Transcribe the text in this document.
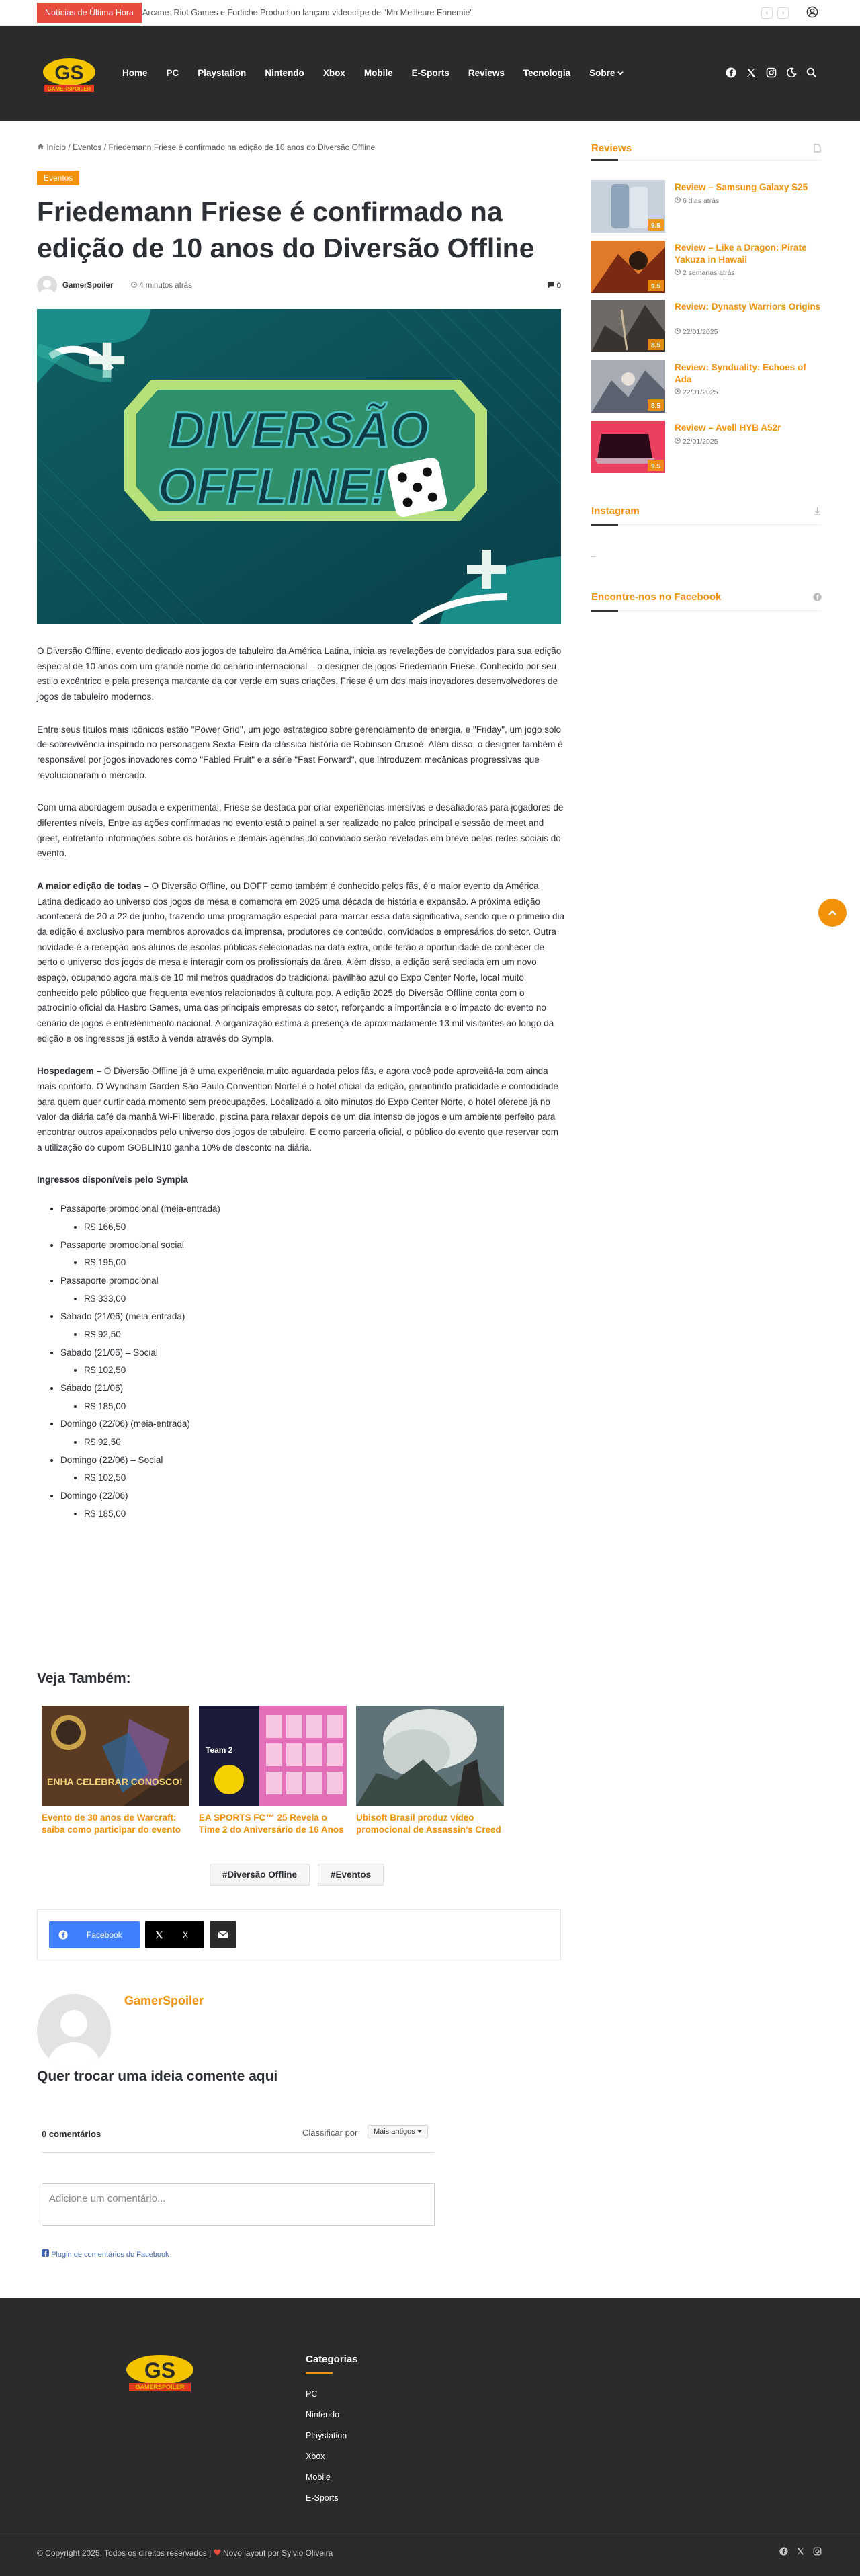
Notícias de Última Hora	Arcane: Riot Games e Fortiche Production lançam videoclipe de "Ma Meilleure Ennemie"	‹	›
GS
GAMERSPOILER
Home	PC	Playstation	Nintendo	Xbox	Mobile	E-Sports	Reviews	Tecnologia	Sobre
Início / Eventos / Friedemann Friese é confirmado na edição de 10 anos do Diversão Offline
Eventos
Friedemann Friese é confirmado na edição de 10 anos do Diversão Offline
GamerSpoiler	4 minutos atrás	0
DIVERSÃO
OFFLINE!

O Diversão Offline, evento dedicado aos jogos de tabuleiro da América Latina, inicia as revelações de convidados para sua edição especial de 10 anos com um grande nome do cenário internacional – o designer de jogos Friedemann Friese. Conhecido por seu estilo excêntrico e pela presença marcante da cor verde em suas criações, Friese é um dos mais inovadores desenvolvedores de jogos de tabuleiro modernos.

Entre seus títulos mais icônicos estão "Power Grid", um jogo estratégico sobre gerenciamento de energia, e "Friday", um jogo solo de sobrevivência inspirado no personagem Sexta-Feira da clássica história de Robinson Crusoé. Além disso, o designer também é responsável por jogos inovadores como "Fabled Fruit" e a série "Fast Forward", que introduzem mecânicas progressivas que revolucionaram o mercado.

Com uma abordagem ousada e experimental, Friese se destaca por criar experiências imersivas e desafiadoras para jogadores de diferentes níveis. Entre as ações confirmadas no evento está o painel a ser realizado no palco principal e sessão de meet and greet, entretanto informações sobre os horários e demais agendas do convidado serão reveladas em breve pelas redes sociais do evento.

A maior edição de todas – O Diversão Offline, ou DOFF como também é conhecido pelos fãs, é o maior evento da América Latina dedicado ao universo dos jogos de mesa e comemora em 2025 uma década de história e expansão. A próxima edição acontecerá de 20 a 22 de junho, trazendo uma programação especial para marcar essa data significativa, sendo que o primeiro dia da edição é exclusivo para membros aprovados da imprensa, produtores de conteúdo, convidados e empresários do setor. Outra novidade é a recepção aos alunos de escolas públicas selecionadas na data extra, onde terão a oportunidade de conhecer de perto o universo dos jogos de mesa e interagir com os profissionais da área. Além disso, a edição será sediada em um novo espaço, ocupando agora mais de 10 mil metros quadrados do tradicional pavilhão azul do Expo Center Norte, local muito conhecido pelo público que frequenta eventos relacionados à cultura pop. A edição 2025 do Diversão Offline conta com o patrocínio oficial da Hasbro Games, uma das principais empresas do setor, reforçando a importância e o impacto do evento no cenário de jogos e entretenimento nacional. A organização estima a presença de aproximadamente 13 mil visitantes ao longo da edição e os ingressos já estão à venda através do Sympla.

Hospedagem – O Diversão Offline já é uma experiência muito aguardada pelos fãs, e agora você pode aproveitá-la com ainda mais conforto. O Wyndham Garden São Paulo Convention Nortel é o hotel oficial da edição, garantindo praticidade e comodidade para quem quer curtir cada momento sem preocupações. Localizado a oito minutos do Expo Center Norte, o hotel oferece já no valor da diária café da manhã Wi-Fi liberado, piscina para relaxar depois de um dia intenso de jogos e um ambiente perfeito para encontrar outros apaixonados pelo universo dos jogos de tabuleiro. E como parceria oficial, o público do evento que reservar com a utilização do cupom GOBLIN10 ganha 10% de desconto na diária.

Ingressos disponíveis pelo Sympla
• Passaporte promocional (meia-entrada)
• R$ 166,50
• Passaporte promocional social
• R$ 195,00
• Passaporte promocional
• R$ 333,00
• Sábado (21/06) (meia-entrada)
• R$ 92,50
• Sábado (21/06) – Social
• R$ 102,50
• Sábado (21/06)
• R$ 185,00
• Domingo (22/06) (meia-entrada)
• R$ 92,50
• Domingo (22/06) – Social
• R$ 102,50
• Domingo (22/06)
• R$ 185,00
Veja Também:
ENHA CELEBRAR CONOSCO!
Evento de 30 anos de Warcraft: saiba como participar do evento
Team 2
EA SPORTS FC™ 25 Revela o Time 2 do Aniversário de 16 Anos
Ubisoft Brasil produz vídeo promocional de Assassin's Creed
#Diversão Offline	#Eventos
Facebook	X
GamerSpoiler
Quer trocar uma ideia comente aqui
0 comentários	Classificar por	Mais antigos
Adicione um comentário...
Plugin de comentários do Facebook
Reviews
9.5
Review – Samsung Galaxy S25
6 dias atrás
9.5
Review – Like a Dragon: Pirate Yakuza in Hawaii
2 semanas atrás
8.5
Review: Dynasty Warriors Origins
22/01/2025
8.5
Review: Synduality: Echoes of Ada
22/01/2025
9.5
Review – Avell HYB A52r
22/01/2025
Instagram
–
Encontre-nos no Facebook
GS
GAMERSPOILER
Categorias
PC
Nintendo
Playstation
Xbox
Mobile
E-Sports
© Copyright 2025, Todos os direitos reservados | Novo layout por Sylvio Oliveira
